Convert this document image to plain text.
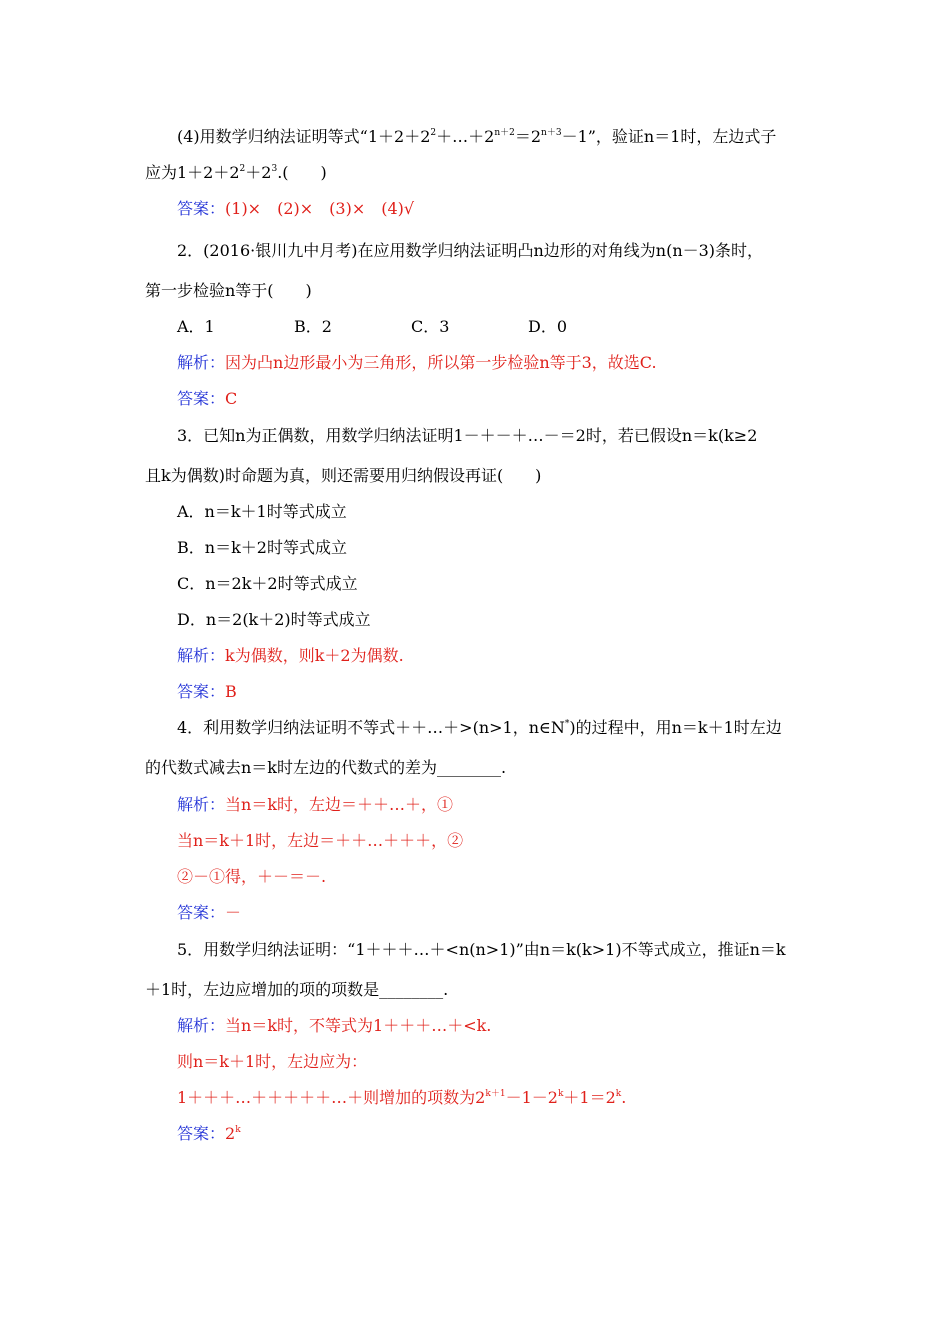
(4)用数学归纳法证明等式“$1+2+2^2+\dots+2^{n+2}=2^{n+3}-1$”，验证n＝1时，左边式子
应为$1+2+2^2+2^3$.(　　)
答案：(1)×　(2)×　(3)×　(4)√
2．(2016·银川九中月考)在应用数学归纳法证明凸n边形的对角线为n(n－3)条时，
第一步检验n等于(　　)
A．1	B．2	C．3	D．0
解析：因为凸n边形最小为三角形，所以第一步检验n等于3，故选C.
答案：C
3．已知n为正偶数，用数学归纳法证明1－＋－＋…－＝2时，若已假设n＝k(k≥2
且k为偶数)时命题为真，则还需要用归纳假设再证(　　)
A．n＝k＋1时等式成立
B．n＝k＋2时等式成立
C．n＝2k＋2时等式成立
D．n＝2(k＋2)时等式成立
解析：k为偶数，则k＋2为偶数.
答案：B
4．利用数学归纳法证明不等式＋＋…＋>(n>1，n∈N*)的过程中，用n＝k＋1时左边
的代数式减去n＝k时左边的代数式的差为________.
解析：当n＝k时，左边＝＋＋…＋，①
当n＝k＋1时，左边＝＋＋…＋＋＋，②
②－①得，＋－＝－.
答案：－
5．用数学归纳法证明：“1＋＋＋…＋<n(n>1)”由n＝k(k>1)不等式成立，推证n＝k
＋1时，左边应增加的项的项数是________.
解析：当n＝k时，不等式为1＋＋＋…＋<k.
则n＝k＋1时，左边应为：
1＋＋＋…＋＋＋＋＋…＋则增加的项数为$2^{k+1}-1-2^k+1=2^k$.
答案：2$^k$
